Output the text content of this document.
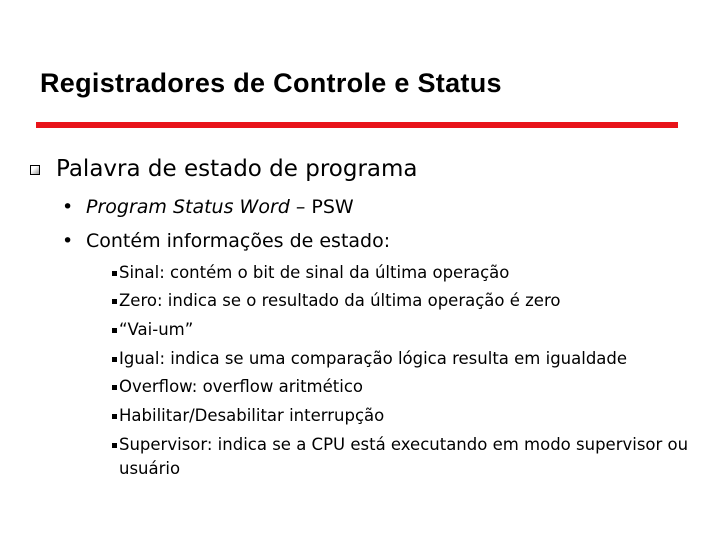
Registradores de Controle e Status
Palavra de estado de programa
• Program Status Word – PSW
• Contém informações de estado:
Sinal: contém o bit de sinal da última operação
Zero: indica se o resultado da última operação é zero
“Vai-um”
Igual: indica se uma comparação lógica resulta em igualdade
Overflow: overflow aritmético
Habilitar/Desabilitar interrupção
Supervisor: indica se a CPU está executando em modo supervisor ou usuário
